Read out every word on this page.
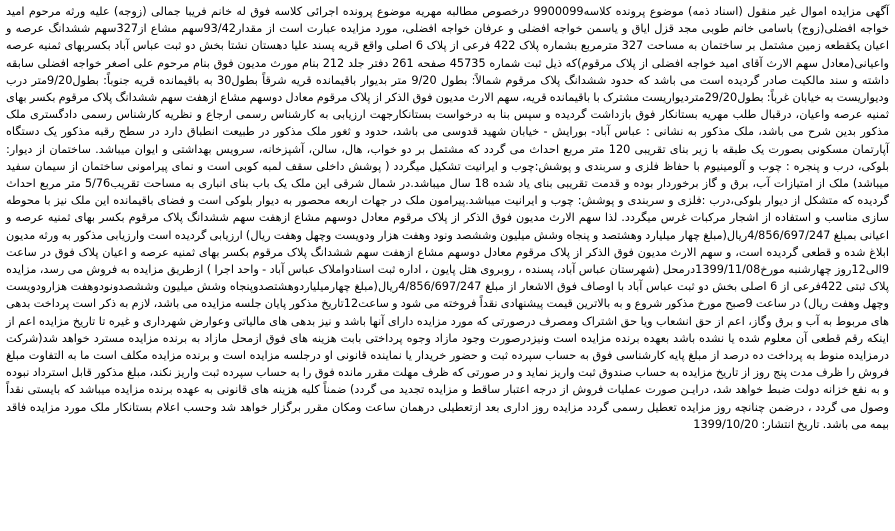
آگهی مزایده اموال غیر منقول (اسناد ذمه) موضوع پرونده کلاسه9900099 درخصوص مطالبه مهریه موضوع پرونده اجرائی کلاسه فوق له خانم فریبا جمالی (زوجه) علیه ورثه مرحوم امید خواجه افضلی(زوج) باسامی خانم طوبی مجد قزل ایاق و یاسمن خواجه افضلی و عرفان خواجه افضلی، مورد مزایده عبارت است از مقدار93/42سهم مشاع از327سهم ششدانگ عرصه و اعیان یکقطعه زمین مشتمل بر ساختمان به مساحت 327 مترمربع بشماره پلاک 422 فرعی از پلاک 6 اصلی واقع قریه پسند علیا دهستان نشتا بخش دو ثبت عباس آباد بکسربهای ثمنیه عرصه واعیانی(معادل سهم الارث آقای امید خواجه افضلی از پلاک مرقوم)که ذیل ثبت شماره 45735 صفحه 261 دفتر جلد 212 بنام مورث مدیون فوق بنام مرحوم علی اصغر خواجه افضلی سابقه داشته و سند مالکیت صادر گردیده است می باشد که حدود ششدانگ پلاک مرقوم شمالاً: بطول 9/20 متر بدیوار باقیمانده قریه شرقاً بطول30 به باقیمانده قریه جنوباً: بطول9/20متر درب ودیواریست به خیابان غرباً: بطول29/20متردیواریست مشترک با باقیمانده قریه، سهم الارث مدیون فوق الذکر از پلاک مرقوم معادل دوسهم مشاع ازهفت سهم ششدانگ پلاک مرقوم بکسر بهای ثمنیه عرصه واعیان، درقبال طلب مهریه بستانکار فوق بازداشت گردیده و سپس بنا به درخواست بستانکارجهت ارزیابی به کارشناس رسمی ارجاع و نظریه کارشناس رسمی دادگستری ملک مذکور بدین شرح می باشد، ملک مذکور به نشانی : عباس آباد- بورایش - خیابان شهید قدوسی می باشد، حدود و ثغور ملک مذکور در طبیعت انطباق دارد در سطح رقبه مذکور یک دستگاه آپارتمان مسکونی بصورت یک طبقه با زیر بنای تقریبی 120 متر مربع احداث می گردد که مشتمل بر دو خواب، هال، سالن، آشپزخانه، سرویس بهداشتی و ایوان میباشد. ساختمان از دیوار: بلوکی، درب و پنجره : چوب و آلومینیوم با حفاظ فلزی و سربندی و پوشش:چوب و ایرانیت تشکیل میگردد ( پوشش داخلی سقف لمبه کوبی است و نمای پیرامونی ساختمان از سیمان سفید میباشد) ملک از امتیازات آب، برق و گاز برخوردار بوده و قدمت تقریبی بنای یاد شده 18 سال میباشد.در شمال شرقی این ملک یک باب بنای انباری به مساحت تقریب5/76 متر مربع احداث گردیده که متشکل از دیوار بلوکی،درب :فلزی و سربندی و پوشش: چوب و ایرانیت میباشد.پیرامون ملک در جهات اربعه محصور به دیوار بلوکی است و فضای باقیمانده این ملک نیز با محوطه سازی مناسب و استفاده از اشجار مرکبات غرس میگردد. لذا سهم الارث مدیون فوق الذکر از پلاک مرقوم معادل دوسهم مشاع ازهفت سهم ششدانگ پلاک مرقوم بکسر بهای ثمنیه عرصه و اعیانی بمبلغ 4/856/697/247ریال(مبلغ چهار میلیارد وهشتصد و پنجاه وشش میلیون وششصد ونود وهفت هزار ودویست وچهل وهفت ریال) ارزیابی گردیده است وارزیابی مذکور به ورثه مدیون ابلاغ شده و قطعی گردیده است، و سهم الارث مدیون فوق الذکر از پلاک مرقوم معادل دوسهم مشاع ازهفت سهم ششدانگ پلاک مرقوم بکسر بهای ثمنیه عرصه و اعیان پلاک فوق در ساعت 9الی12روز چهارشنبه مورخ1399/11/08درمحل (شهرستان عباس آباد، پسنده ، روبروی هتل پایون ، اداره ثبت اسنادواملاک عباس آباد - واحد اجرا ) ازطریق مزایده به فروش می رسد، مزایده پلاک ثبتی 422فرعی از 6 اصلی بخش دو ثبت عباس آباد با اوصاف فوق الاشعار از مبلغ 4/856/697/247ریال(مبلغ چهارمیلیاردوهشتصدوپنجاه وشش میلیون وششصدونودوهفت هزارودویست وچهل وهفت ریال) در ساعت 9صبح مورخ مذکور شروع و به بالاترین قیمت پیشنهادی نقداً فروخته می شود و ساعت12تاریخ مذکور پایان جلسه مزایده می باشد، لازم به ذکر است پرداخت بدهی های مربوط به آب و برق وگاز، اعم از حق انشعاب ویا حق اشتراک ومصرف درصورتی که مورد مزایده دارای آنها باشد و نیز بدهی های مالیاتی وعوارض شهرداری و غیره تا تاریخ مزایده اعم از اینکه رقم قطعی آن معلوم شده یا نشده باشد بعهده برنده مزایده است ونیزدرصورت وجود مازاد وجوه پرداختی بابت هزینه های فوق ازمحل مازاد به برنده مزایده مسترد خواهد شد(شرکت درمزایده منوط به پرداخت ده درصد از مبلغ پایه کارشناسی فوق به حساب سپرده ثبت و حضور خریدار یا نماینده قانونی او درجلسه مزایده است و برنده مزایده مکلف است ما به التفاوت مبلغ فروش را ظرف مدت پنج روز از تاریخ مزایده به حساب صندوق ثبت واریز نماید و در صورتی که ظرف مهلت مقرر مانده فوق را به حساب سپرده ثبت واریز نکند، مبلغ مذکور قابل استرداد نبوده و به نفع خزانه دولت ضبط خواهد شد، درایـن صورت عملیات فروش از درجه اعتبار ساقط و مزایده تجدید می گردد) ضمناً کلیه هزینه های قانونی به عهده برنده مزایده میباشد که بایستی نقداً وصول می گردد ، درضمن چنانچه روز مزایده تعطیل رسمی گردد مزایده روز اداری بعد ازتعطیلی درهمان ساعت ومکان مقرر برگزار خواهد شد وحسب اعلام بستانکار ملک مورد مزایده فاقد بیمه می باشد. تاریخ انتشار: 1399/10/20
